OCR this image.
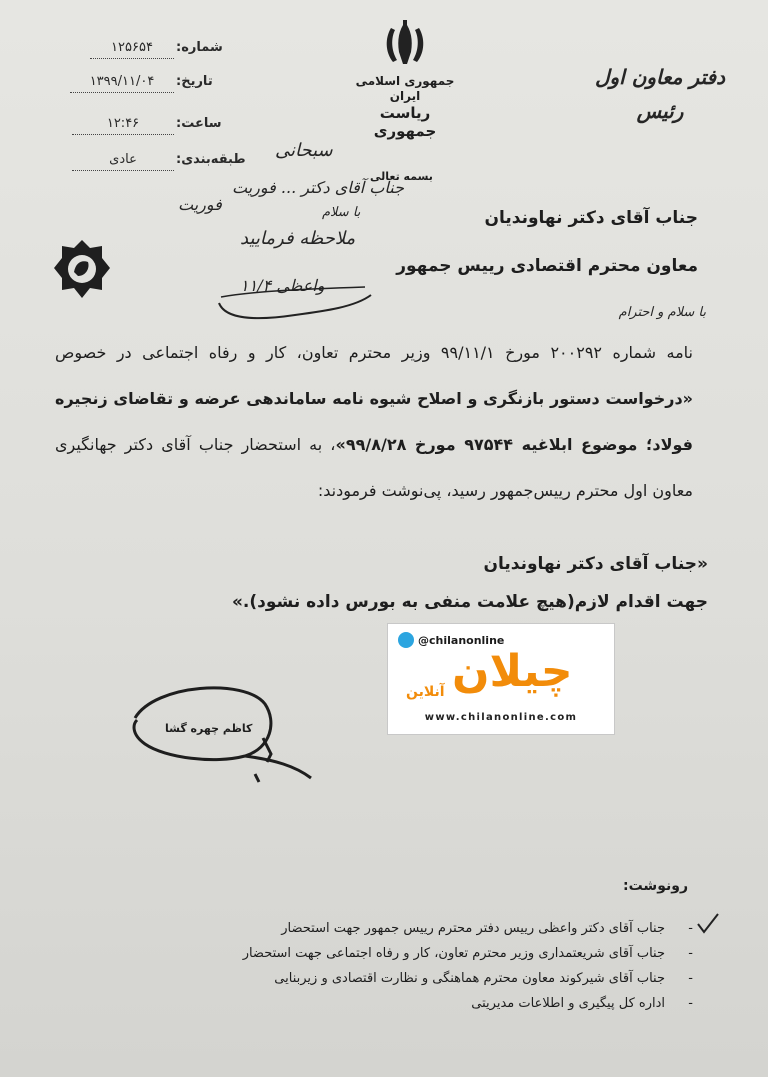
شماره:
۱۲۵۶۵۴
تاریخ:
۱۳۹۹/۱۱/۰۴
ساعت:
۱۲:۴۶
طبقه‌بندی:
عادی
فوریت
جمهوری اسلامی ایران
ریاست جمهوری
دفتر معاون اول
رئیس
بسمه تعالی
سبحانی
جناب آقای دکتر ... فوریت
با سلام
ملاحظه فرمایید
واعظی ۱۱/۴
جناب آقای دکتر نهاوندیان
معاون محترم اقتصادی رییس جمهور
با سلام و احترام
نامه شماره ۲۰۰۲۹۲ مورخ ۹۹/۱۱/۱ وزیر محترم تعاون، کار و رفاه اجتماعی در خصوص «درخواست دستور بازنگری و اصلاح شیوه نامه ساماندهی عرضه و تقاضای زنجیره فولاد؛ موضوع ابلاغیه ۹۷۵۴۴ مورخ ۹۹/۸/۲۸»، به استحضار جناب آقای دکتر جهانگیری معاون اول محترم رییس‌جمهور رسید، پی‌نوشت فرمودند:
«جناب آقای دکتر نهاوندیان
جهت اقدام لازم(هیچ علامت منفی به بورس داده نشود).»
کاظم چهره گشا
رونوشت:
-
جناب آقای دکتر واعظی رییس دفتر محترم رییس جمهور جهت استحضار
-
جناب آقای شریعتمداری وزیر محترم تعاون، کار و رفاه اجتماعی جهت استحضار
-
جناب آقای شیرکوند معاون محترم هماهنگی و نظارت اقتصادی و زیربنایی
-
اداره کل پیگیری و اطلاعات مدیریتی
@chilanonline
چیلان
آنلاین
www.chilanonline.com
